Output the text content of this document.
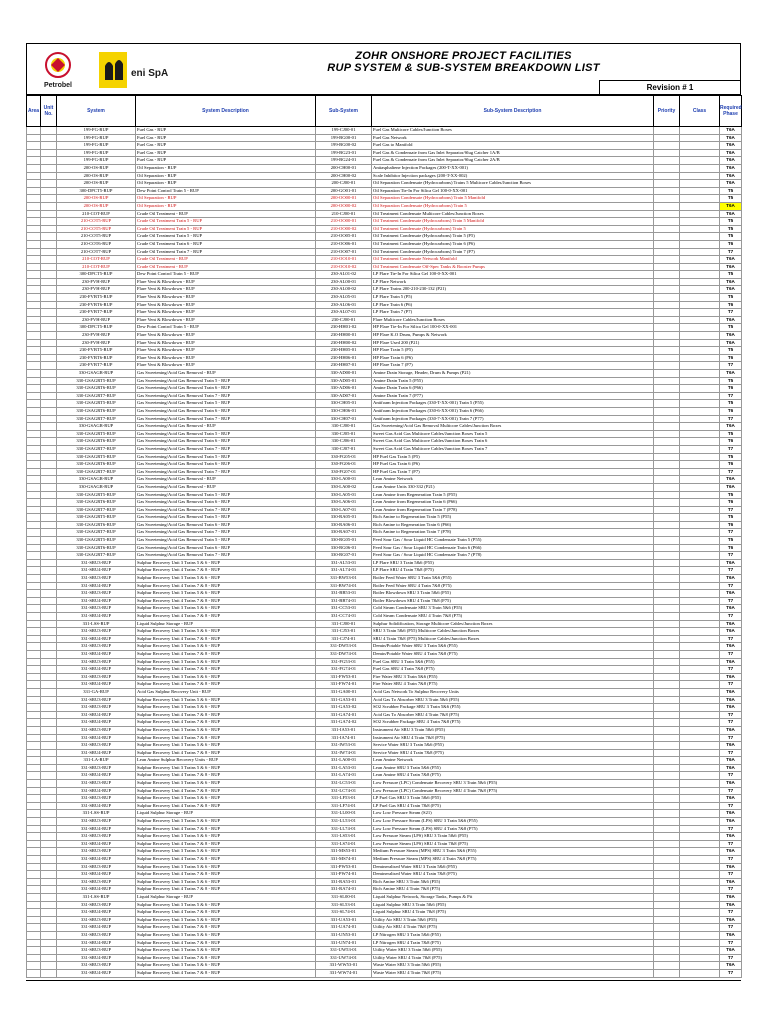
Petrobel
eni SpA
ZOHR ONSHORE PROJECT FACILITIES
RUP SYSTEM & SUB-SYSTEM BREAKDOWN LIST
Revision # 1
Area	Unit No.	System	System Description	Sub-System	Sub-System Description	Priority	Class	Required Phase
		199-FG-RUP	Fuel Gas - RUP	199-CJ00-01	Fuel Gas Multicore Cables/Junction Boxes			T6A
		199-FG-RUP	Fuel Gas - RUP	199-BG00-01	Fuel Gas Network			T6A
		199-FG-RUP	Fuel Gas - RUP	199-BG00-02	Fuel Gas to Manifold			T6A
		199-FG-RUP	Fuel Gas - RUP	199-BG23-01	Fuel Gas & Condensate from Gas Inlet Separator/Slug Catcher 1A/B			T6A
		199-FG-RUP	Fuel Gas - RUP	199-BG24-01	Fuel Gas & Condensate from Gas Inlet Separator/Slug Catcher 2A/B			T6A
		200-OS-RUP	Oil Separation - RUP	200-CH00-01	Antiasphaltene Injection Packages (200-T-XX-001)			T6A
		200-OS-RUP	Oil Separation - RUP	200-CH00-02	Scale Inhibitor Injection packages (200-T-XX-002)			T6A
		200-OS-RUP	Oil Separation - RUP	200-CJ00-01	Oil Separation Condensate (Hydrocarbons) Trains 5 Multicore Cables/Junction Boxes			T6A
		300-DPCT5-RUP	Dew Point Control Train 5 - RUP	200-GO01-01	Oil Separation Tie-In For Silica Gel 100-0-XX-001			T5
		200-OS-RUP	Oil Separation - RUP	200-OO00-01	Oil Separation Condensate (Hydrocarbons) Train 5 Manifold			T5
		200-OS-RUP	Oil Separation - RUP	200-OO00-02	Oil Separation Condensate (Hydrocarbons) Train 5			T6A
		210-COT-RUP	Crude Oil Treatment - RUP	210-CJ00-01	Oil Treatment Condensate Multicore Cables/Junction Boxes			T6A
		210-COT5-RUP	Crude Oil Treatment Train 5 - RUP	210-OO00-01	Oil Treatment Condensate (Hydrocarbons) Train 5 Manifold			T5
		210-COT5-RUP	Crude Oil Treatment Train 5 - RUP	210-OO00-02	Oil Treatment Condensate (Hydrocarbons) Train 5			T5
		210-COT5-RUP	Crude Oil Treatment Train 5 - RUP	210-OO05-01	Oil Treatment Condensate (Hydrocarbons) Train 5 (P5)			T5
		210-COT6-RUP	Crude Oil Treatment Train 6 - RUP	210-OO06-01	Oil Treatment Condensate (Hydrocarbons) Train 6 (P6)			T6
		210-COT7-RUP	Crude Oil Treatment Train 7 - RUP	210-OO07-01	Oil Treatment Condensate (Hydrocarbons) Train 7 (P7)			T7
		210-COT-RUP	Crude Oil Treatment - RUP	210-OO10-01	Oil Treatment Condensate Network Manifold			T6A
		210-COT-RUP	Crude Oil Treatment - RUP	210-OO10-02	Oil Treatment Condensate Off-Spec Tanks & Booster Pumps			T6A
		300-DPCT5-RUP	Dew Point Control Train 5 - RUP	230-AL01-02	LP Flare Tie-In For Silica Gel 100-0-XX-001			T5
		230-FVH-RUP	Flare Vent & Blowdown - RUP	230-AL00-01	LP Flare Network			T6A
		230-FVH-RUP	Flare Vent & Blowdown - RUP	230-AL00-02	LP Flare Trains 200-210-230-132 (P21)			T6A
		230-FVBT5-RUP	Flare Vent & Blowdown - RUP	230-AL05-01	LP Flare Train 5 (P5)			T5
		230-FVBT6-RUP	Flare Vent & Blowdown - RUP	230-AL06-01	LP Flare Train 6 (P6)			T6
		230-FVBT7-RUP	Flare Vent & Blowdown - RUP	230-AL07-01	LP Flare Train 7 (P7)			T7
		230-FVH-RUP	Flare Vent & Blowdown - RUP	230-CJ00-01	Flare Multicore Cables/Junction Boxes			T6A
		300-DPCT5-RUP	Dew Point Control Train 5 - RUP	230-HH01-02	HP Flare Tie-In For Silica Gel 100-0-XX-001			T5
		230-FVH-RUP	Flare Vent & Blowdown - RUP	230-HH00-01	HP Flare K.O Drum, Pumps & Network			T6A
		230-FVH-RUP	Flare Vent & Blowdown - RUP	230-HH00-02	HP Flare Used 200 (P21)			T6A
		230-FVBT5-RUP	Flare Vent & Blowdown - RUP	230-HH05-01	HP Flare Train 5 (P5)			T5
		230-FVBT6-RUP	Flare Vent & Blowdown - RUP	230-HH06-01	HP Flare Train 6 (P6)			T6
		230-FVBT7-RUP	Flare Vent & Blowdown - RUP	230-HH07-01	HP Flare Train 7 (P7)			T7
		330-GSAGR-RUP	Gas Sweetening/Acid Gas Removal - RUP	330-AD00-01	Amine Drain Storage, Header, Drum & Pumps (P21)			T6A
		330-GSAGRT5-RUP	Gas Sweetening/Acid Gas Removal Train 5 - RUP	330-AD05-01	Amine Drain Train 5 (P55)			T5
		330-GSAGRT6-RUP	Gas Sweetening/Acid Gas Removal Train 6 - RUP	330-AD06-01	Amine Drain Train 6 (P66)			T6
		330-GSAGRT7-RUP	Gas Sweetening/Acid Gas Removal Train 7 - RUP	330-AD07-01	Amine Drain Train 7 (P77)			T7
		330-GSAGRT5-RUP	Gas Sweetening/Acid Gas Removal Train 5 - RUP	330-CH05-01	Antifoam Injection Packages (330-T-XX-001) Train 5 (P55)			T5
		330-GSAGRT6-RUP	Gas Sweetening/Acid Gas Removal Train 6 - RUP	330-CH06-01	Antifoam Injection Packages (330-6-XX-001) Train 6 (P66)			T6
		330-GSAGRT7-RUP	Gas Sweetening/Acid Gas Removal Train 7 - RUP	330-CH07-01	Antifoam Injection Packages (330-7-XX-001) Train 7 (P77)			T7
		330-GSAGR-RUP	Gas Sweetening/Acid Gas Removal - RUP	330-CJ00-01	Gas Sweetening/Acid Gas Removal Multicore Cables/Junction Boxes			T6A
		330-GSAGRT5-RUP	Gas Sweetening/Acid Gas Removal Train 5 - RUP	330-CJ05-01	Sweet Gas Acid Gas Multicore Cables/Junction Boxes Train 5			T5
		330-GSAGRT6-RUP	Gas Sweetening/Acid Gas Removal Train 6 - RUP	330-CJ06-01	Sweet Gas Acid Gas Multicore Cables/Junction Boxes Train 6			T6
		330-GSAGRT7-RUP	Gas Sweetening/Acid Gas Removal Train 7 - RUP	330-CJ07-01	Sweet Gas Acid Gas Multicore Cables/Junction Boxes Train 7			T7
		330-GSAGRT5-RUP	Gas Sweetening/Acid Gas Removal Train 5 - RUP	330-FG05-01	HP Fuel Gas Train 5 (P5)			T5
		330-GSAGRT6-RUP	Gas Sweetening/Acid Gas Removal Train 6 - RUP	330-FG06-01	HP Fuel Gas Train 6 (P6)			T6
		330-GSAGRT7-RUP	Gas Sweetening/Acid Gas Removal Train 7 - RUP	330-FG07-01	HP Fuel Gas Train 7 (P7)			T7
		330-GSAGR-RUP	Gas Sweetening/Acid Gas Removal - RUP	330-LA00-01	Lean Amine Network			T6A
		330-GSAGR-RUP	Gas Sweetening/Acid Gas Removal - RUP	330-LA00-02	Lean Amine Units 330-332 (P21)			T6A
		330-GSAGRT5-RUP	Gas Sweetening/Acid Gas Removal Train 5 - RUP	330-LA05-01	Lean Amine from Regeneration Train 5 (P55)			T5
		330-GSAGRT6-RUP	Gas Sweetening/Acid Gas Removal Train 6 - RUP	330-LA06-01	Lean Amine from Regeneration Train 6 (P66)			T6
		330-GSAGRT7-RUP	Gas Sweetening/Acid Gas Removal Train 7 - RUP	330-LA07-01	Lean Amine from Regeneration Train 7 (P78)			T7
		330-GSAGRT5-RUP	Gas Sweetening/Acid Gas Removal Train 5 - RUP	330-RA05-01	Rich Amine to Regeneration Train 5 (P55)			T5
		330-GSAGRT6-RUP	Gas Sweetening/Acid Gas Removal Train 6 - RUP	330-RA06-01	Rich Amine to Regeneration Train 6 (P66)			T6
		330-GSAGRT7-RUP	Gas Sweetening/Acid Gas Removal Train 7 - RUP	330-RA07-01	Rich Amine to Regeneration Train 7 (P78)			T7
		330-GSAGRT5-RUP	Gas Sweetening/Acid Gas Removal Train 5 - RUP	330-RG05-01	Feed Sour Gas / Sour Liquid HC Condensate Train 5 (P55)			T5
		330-GSAGRT6-RUP	Gas Sweetening/Acid Gas Removal Train 6 - RUP	330-RG06-01	Feed Sour Gas / Sour Liquid HC Condensate Train 6 (P66)			T6
		330-GSAGRT7-RUP	Gas Sweetening/Acid Gas Removal Train 7 - RUP	330-RG07-01	Feed Sour Gas / Sour Liquid HC Condensate Train 7 (P78)			T7
		331-SRU3-RUP	Sulphur Recovery Unit 3 Trains 5 & 6 - RUP	331-AL53-01	LP Flare SRU 3 Train 5&6 (P55)			T6A
		331-SRU4-RUP	Sulphur Recovery Unit 4 Trains 7 & 8 - RUP	331-AL74-01	LP Flare SRU 4 Train 7&8 (P75)			T7
		331-SRU3-RUP	Sulphur Recovery Unit 3 Trains 5 & 6 - RUP	331-BW53-01	Boiler Feed Water SRU 3 Train 5&6 (P55)			T6A
		331-SRU4-RUP	Sulphur Recovery Unit 4 Trains 7 & 8 - RUP	331-BW74-01	Boiler Feed Water SRU 4 Train 7&8 (P75)			T7
		331-SRU3-RUP	Sulphur Recovery Unit 3 Trains 5 & 6 - RUP	331-BB53-01	Boiler Blowdown SRU 3 Train 5&6 (P55)			T6A
		331-SRU4-RUP	Sulphur Recovery Unit 4 Trains 7 & 8 - RUP	331-BB74-01	Boiler Blowdown SRU 4 Train 7&8 (P75)			T7
		331-SRU3-RUP	Sulphur Recovery Unit 3 Trains 5 & 6 - RUP	331-CC53-01	Cold Steam Condensate SRU 3 Train 5&6 (P55)			T6A
		331-SRU4-RUP	Sulphur Recovery Unit 4 Trains 7 & 8 - RUP	331-CC74-01	Cold Steam Condensate SRU 4 Train 7&8 (P75)			T7
		331-LSS-RUP	Liquid Sulphur Storage - RUP	331-CJ00-01	Sulphur Solidification, Storage Multicore Cables/Junction Boxes			T6A
		331-SRU3-RUP	Sulphur Recovery Unit 3 Trains 5 & 6 - RUP	331-CJ53-01	SRU 3 Train 5&6 (P55) Multicore Cables/Junction Boxes			T6A
		331-SRU4-RUP	Sulphur Recovery Unit 4 Trains 7 & 8 - RUP	331-CJ74-01	SRU 4 Train 7&8 (P75) Multicore Cables/Junction Boxes			T7
		331-SRU3-RUP	Sulphur Recovery Unit 3 Trains 5 & 6 - RUP	331-DW53-01	Demin/Potable Water SRU 3 Train 5&6 (P55)			T6A
		331-SRU4-RUP	Sulphur Recovery Unit 4 Trains 7 & 8 - RUP	331-DW74-01	Demin/Potable Water SRU 4 Train 7&8 (P75)			T7
		331-SRU3-RUP	Sulphur Recovery Unit 3 Trains 5 & 6 - RUP	331-FG53-01	Fuel Gas SRU 3 Train 5&6 (P55)			T6A
		331-SRU4-RUP	Sulphur Recovery Unit 4 Trains 7 & 8 - RUP	331-FG74-01	Fuel Gas SRU 4 Train 7&8 (P75)			T7
		331-SRU3-RUP	Sulphur Recovery Unit 3 Trains 5 & 6 - RUP	331-FW53-01	Fire Water SRU 3 Train 5&6 (P55)			T6A
		331-SRU4-RUP	Sulphur Recovery Unit 4 Trains 7 & 8 - RUP	331-FW74-01	Fire Water SRU 4 Train 7&8 (P75)			T7
		331-GA-RUP	Acid Gas Sulphur Recovery Unit - RUP	331-GA00-01	Acid Gas Network To Sulphur Recovery Units			T6A
		331-SRU3-RUP	Sulphur Recovery Unit 3 Trains 5 & 6 - RUP	331-GA53-01	Acid Gas To Absorber SRU 3 Train 5&6 (P55)			T6A
		331-SRU3-RUP	Sulphur Recovery Unit 3 Trains 5 & 6 - RUP	331-GA53-02	SO2 Scrubber Package SRU 3 Train 5&6 (P55)			T6A
		331-SRU4-RUP	Sulphur Recovery Unit 4 Trains 7 & 8 - RUP	331-GA74-01	Acid Gas To Absorber SRU 4 Train 7&8 (P75)			T7
		331-SRU4-RUP	Sulphur Recovery Unit 4 Trains 7 & 8 - RUP	331-GA74-02	SO2 Scrubber Package SRU 4 Train 7&8 (P75)			T7
		331-SRU3-RUP	Sulphur Recovery Unit 3 Trains 5 & 6 - RUP	331-IA53-01	Instrument Air SRU 3 Train 5&6 (P55)			T6A
		331-SRU4-RUP	Sulphur Recovery Unit 4 Trains 7 & 8 - RUP	331-IA74-01	Instrument Air SRU 4 Train 7&8 (P75)			T7
		331-SRU3-RUP	Sulphur Recovery Unit 3 Trains 5 & 6 - RUP	331-IW53-01	Service Water SRU 3 Train 5&6 (P55)			T6A
		331-SRU4-RUP	Sulphur Recovery Unit 4 Trains 7 & 8 - RUP	331-IW74-01	Service Water SRU 4 Train 7&8 (P75)			T7
		331-LA-RUP	Lean Amine Sulphur Recovery Units - RUP	331-LA00-01	Lean Amine Network			T6A
		331-SRU3-RUP	Sulphur Recovery Unit 3 Trains 5 & 6 - RUP	331-LA53-01	Lean Amine SRU 3 Train 5&6 (P55)			T6A
		331-SRU4-RUP	Sulphur Recovery Unit 4 Trains 7 & 8 - RUP	331-LA74-01	Lean Amine SRU 4 Train 7&8 (P75)			T7
		331-SRU3-RUP	Sulphur Recovery Unit 3 Trains 5 & 6 - RUP	331-LC53-01	Low Pressure (LPC) Condensate Recovery SRU 3 Train 5&6 (P55)			T6A
		331-SRU4-RUP	Sulphur Recovery Unit 4 Trains 7 & 8 - RUP	331-LC74-01	Low Pressure (LPC) Condensate Recovery SRU 4 Train 7&8 (P75)			T7
		331-SRU3-RUP	Sulphur Recovery Unit 3 Trains 5 & 6 - RUP	331-LF53-01	LP Fuel Gas SRU 3 Train 5&6 (P55)			T6A
		331-SRU4-RUP	Sulphur Recovery Unit 4 Trains 7 & 8 - RUP	331-LF74-01	LP Fuel Gas SRU 4 Train 7&8 (P75)			T7
		331-LSS-RUP	Liquid Sulphur Storage - RUP	331-LL00-01	Low Low Pressure Steam (S21)			T6A
		331-SRU3-RUP	Sulphur Recovery Unit 3 Trains 5 & 6 - RUP	331-LL53-01	Low Low Pressure Steam (LPS) SRU 3 Train 5&6 (P55)			T6A
		331-SRU4-RUP	Sulphur Recovery Unit 4 Trains 7 & 8 - RUP	331-LL74-01	Low Low Pressure Steam (LPS) SRU 4 Train 7&8 (P75)			T7
		331-SRU3-RUP	Sulphur Recovery Unit 3 Trains 5 & 6 - RUP	331-LS53-01	Low Pressure Steam (LPS) SRU 3 Train 5&6 (P55)			T6A
		331-SRU4-RUP	Sulphur Recovery Unit 4 Trains 7 & 8 - RUP	331-LS74-01	Low Pressure Steam (LPS) SRU 4 Train 7&8 (P75)			T7
		331-SRU3-RUP	Sulphur Recovery Unit 3 Trains 5 & 6 - RUP	331-MS53-01	Medium Pressure Steam (MPS) SRU 3 Train 5&6 (P55)			T6A
		331-SRU4-RUP	Sulphur Recovery Unit 4 Trains 7 & 8 - RUP	331-MS74-01	Medium Pressure Steam (MPS) SRU 4 Train 7&8 (P75)			T7
		331-SRU3-RUP	Sulphur Recovery Unit 3 Trains 5 & 6 - RUP	331-PW53-01	Demineralised Water SRU 3 Train 5&6 (P55)			T6A
		331-SRU4-RUP	Sulphur Recovery Unit 4 Trains 7 & 8 - RUP	331-PW74-01	Demineralised Water SRU 4 Train 7&8 (P75)			T7
		331-SRU3-RUP	Sulphur Recovery Unit 3 Trains 5 & 6 - RUP	331-RA53-01	Rich Amine SRU 3 Train 5&6 (P55)			T6A
		331-SRU4-RUP	Sulphur Recovery Unit 4 Trains 7 & 8 - RUP	331-RA74-01	Rich Amine SRU 4 Train 7&8 (P75)			T7
		331-LSS-RUP	Liquid Sulphur Storage - RUP	331-SL00-01	Liquid Sulphur Network, Storage Tanks, Pumps & Pit			T6A
		331-SRU3-RUP	Sulphur Recovery Unit 3 Trains 5 & 6 - RUP	331-SL53-01	Liquid Sulphur SRU 3 Train 5&6 (P55)			T6A
		331-SRU4-RUP	Sulphur Recovery Unit 4 Trains 7 & 8 - RUP	331-SL74-01	Liquid Sulphur SRU 4 Train 7&8 (P75)			T7
		331-SRU3-RUP	Sulphur Recovery Unit 3 Trains 5 & 6 - RUP	331-UA53-01	Utility Air SRU 3 Train 5&6 (P55)			T6A
		331-SRU4-RUP	Sulphur Recovery Unit 4 Trains 7 & 8 - RUP	331-UA74-01	Utility Air SRU 4 Train 7&8 (P75)			T7
		331-SRU3-RUP	Sulphur Recovery Unit 3 Trains 5 & 6 - RUP	331-UN53-01	LP Nitrogen SRU 3 Train 5&6 (P55)			T6A
		331-SRU4-RUP	Sulphur Recovery Unit 4 Trains 7 & 8 - RUP	331-UN74-01	LP Nitrogen SRU 4 Train 7&8 (P75)			T7
		331-SRU3-RUP	Sulphur Recovery Unit 3 Trains 5 & 6 - RUP	331-UW53-01	Utility Water SRU 3 Train 5&6 (P55)			T6A
		331-SRU4-RUP	Sulphur Recovery Unit 4 Trains 7 & 8 - RUP	331-UW74-01	Utility Water SRU 4 Train 7&8 (P75)			T7
		331-SRU3-RUP	Sulphur Recovery Unit 3 Trains 5 & 6 - RUP	331-WW53-01	Waste Water SRU 3 Train 5&6 (P55)			T6A
		331-SRU4-RUP	Sulphur Recovery Unit 4 Trains 7 & 8 - RUP	331-WW74-01	Waste Water SRU 4 Train 7&8 (P75)			T7
